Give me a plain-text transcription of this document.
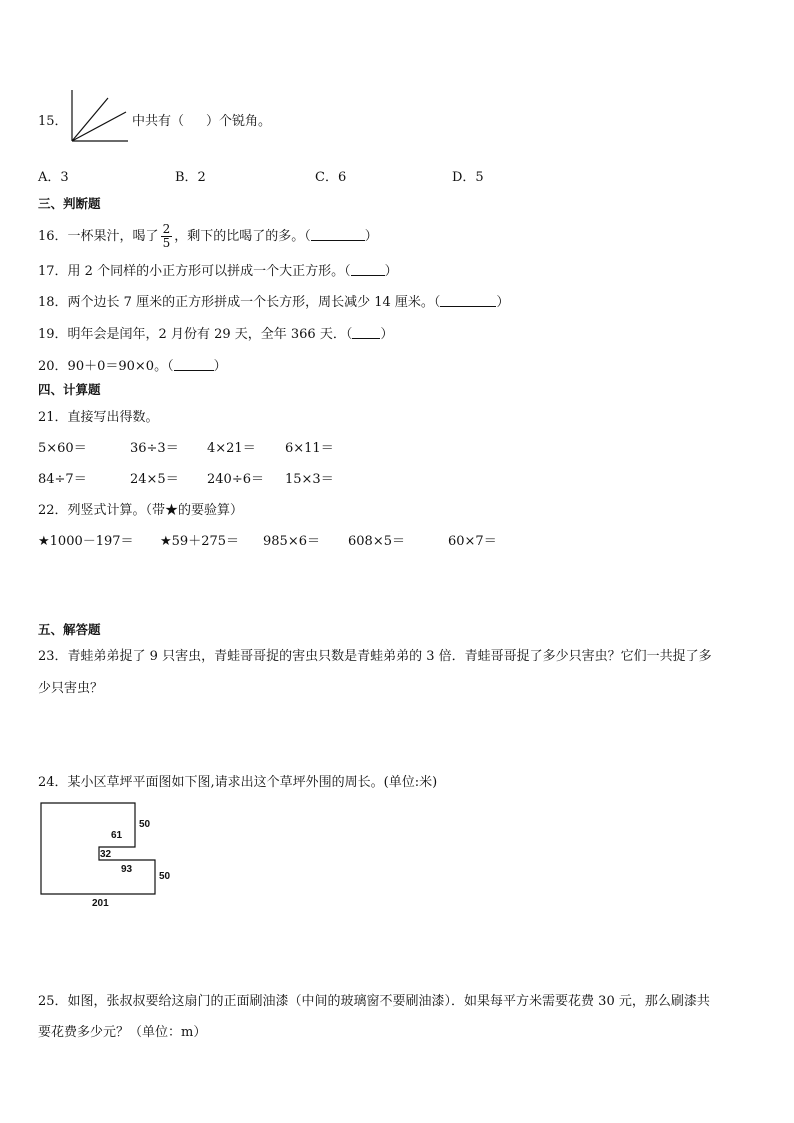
15．	中共有（ ）个锐角。
A．3	B．2	C．6	D．5
三、判断题
16．一杯果汁，喝了 $\frac{2}{5}$ ，剩下的比喝了的多。（	）
17．用 2 个同样的小正方形可以拼成一个大正方形。（	）
18．两个边长 7 厘米的正方形拼成一个长方形，周长减少 14 厘米。（	）
19．明年会是闰年，2 月份有 29 天，全年 366 天．（ ）
20．90＋0＝90×0。（	）
四、计算题
21．直接写出得数。
5×60＝	36÷3＝ 4×21＝ 6×11＝
84÷7＝	24×5＝ 240÷6＝ 15×3＝
22．列竖式计算。（带★的要验算）
★1000－197＝ ★59＋275＝ 985×6＝ 608×5＝	60×7＝
五、解答题
23．青蛙弟弟捉了 9 只害虫，青蛙哥哥捉的害虫只数是青蛙弟弟的 3 倍．青蛙哥哥捉了多少只害虫？它们一共捉了多
少只害虫？
24．某小区草坪平面图如下图,请求出这个草坪外围的周长。(单位:米)
50
61
32
93
50
201
25．如图，张叔叔要给这扇门的正面刷油漆（中间的玻璃窗不要刷油漆）．如果每平方米需要花费 30 元，那么刷漆共
要花费多少元？（单位：m）
